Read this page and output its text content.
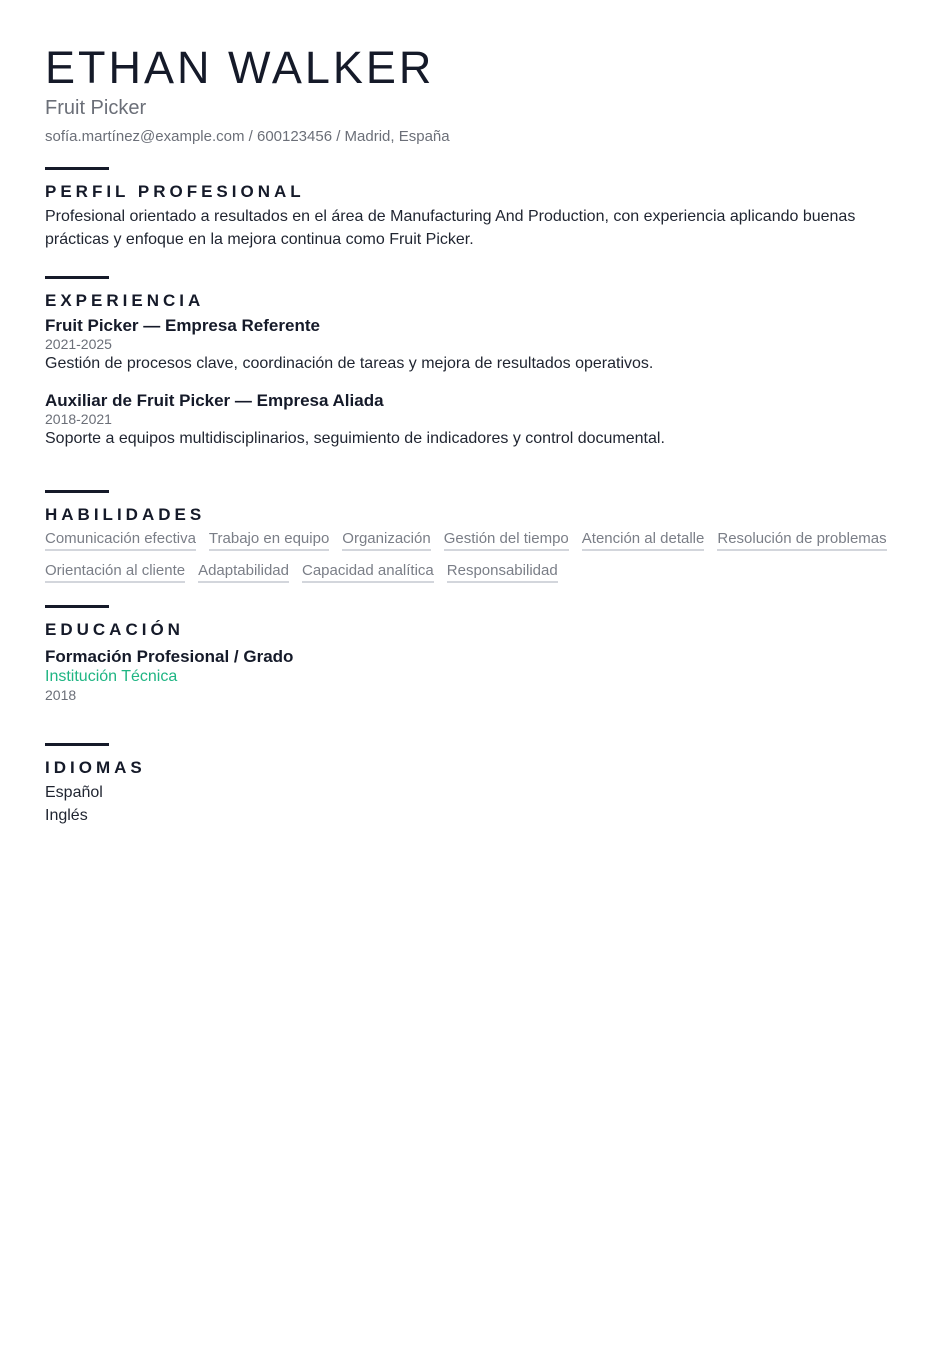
ETHAN WALKER
Fruit Picker
sofía.martínez@example.com / 600123456 / Madrid, España
PERFIL PROFESIONAL
Profesional orientado a resultados en el área de Manufacturing And Production, con experiencia aplicando buenas prácticas y enfoque en la mejora continua como Fruit Picker.
EXPERIENCIA
Fruit Picker — Empresa Referente
2021-2025
Gestión de procesos clave, coordinación de tareas y mejora de resultados operativos.
Auxiliar de Fruit Picker — Empresa Aliada
2018-2021
Soporte a equipos multidisciplinarios, seguimiento de indicadores y control documental.
HABILIDADES
Comunicación efectiva Trabajo en equipo Organización Gestión del tiempo Atención al detalle Resolución de problemas
Orientación al cliente Adaptabilidad Capacidad analítica Responsabilidad
EDUCACIÓN
Formación Profesional / Grado
Institución Técnica
2018
IDIOMAS
Español
Inglés
